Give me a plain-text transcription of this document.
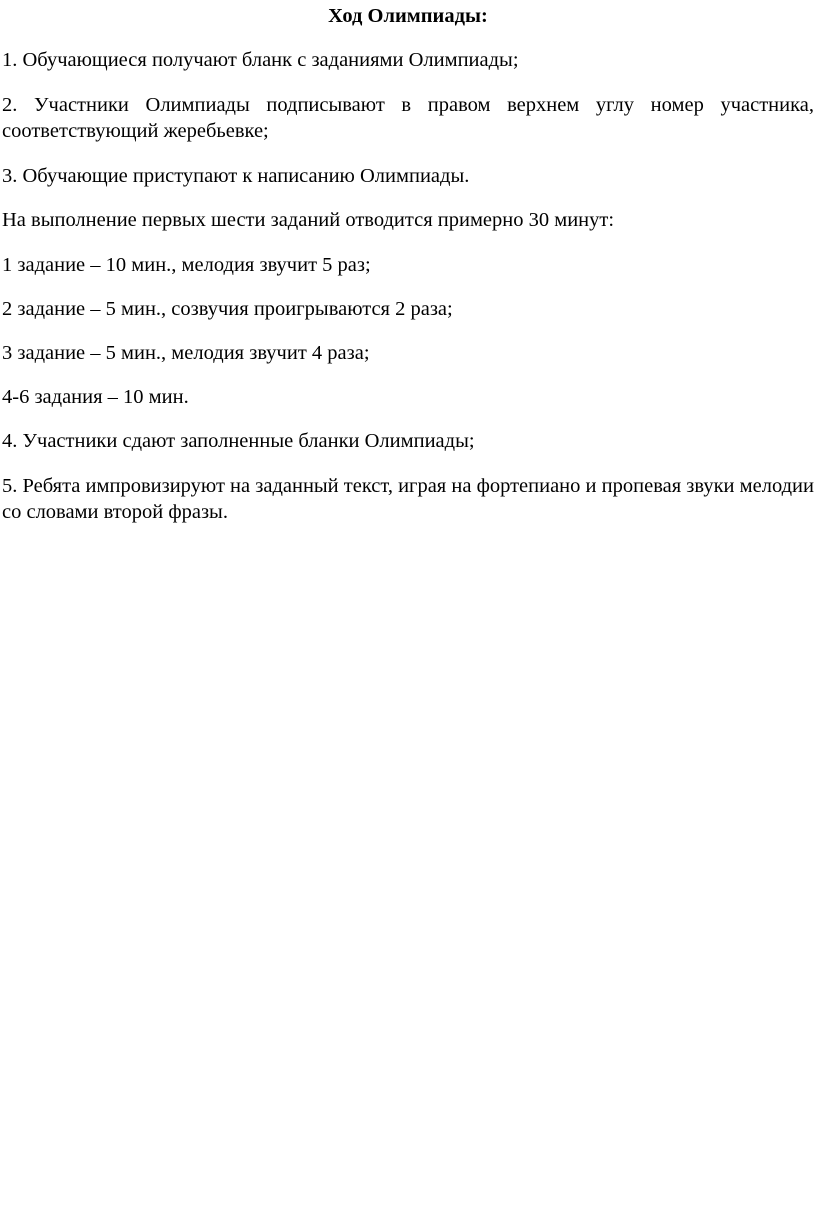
Ход Олимпиады:

1. Обучающиеся получают бланк с заданиями Олимпиады;

2. Участники Олимпиады подписывают в правом верхнем углу номер участника, соответствующий жеребьевке;

3. Обучающие приступают к написанию Олимпиады.

На выполнение первых шести заданий отводится примерно 30 минут:

1 задание – 10 мин., мелодия звучит 5 раз;

2 задание – 5 мин., созвучия проигрываются 2 раза;

3 задание – 5 мин., мелодия звучит 4 раза;

4-6 задания – 10 мин.

4. Участники сдают заполненные бланки Олимпиады;

5. Ребята импровизируют на заданный текст, играя на фортепиано и пропевая звуки мелодии со словами второй фразы.
